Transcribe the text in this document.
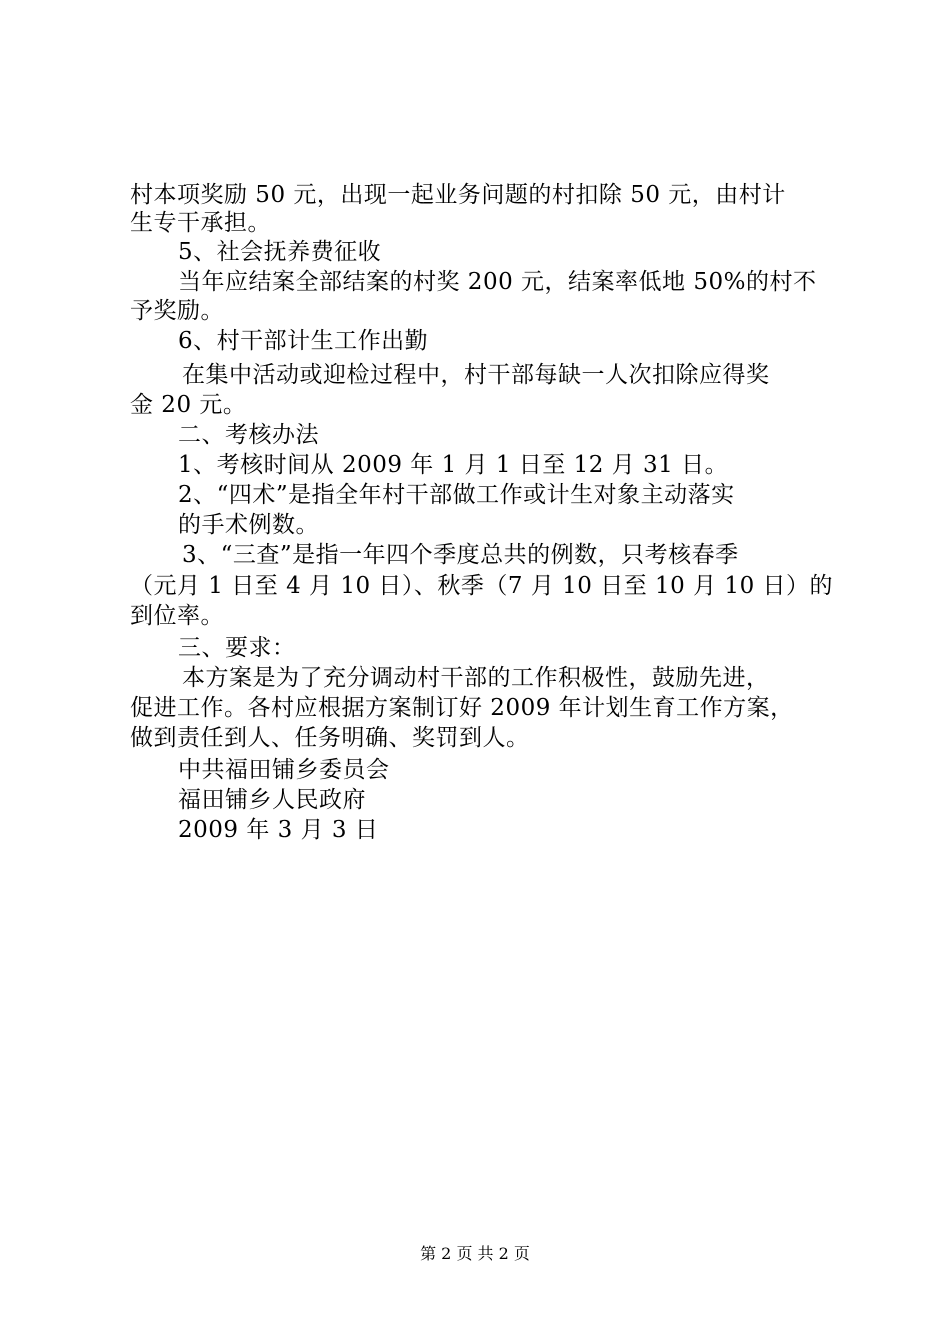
村本项奖励 50 元，出现一起业务问题的村扣除 50 元，由村计
生专干承担。
5、社会抚养费征收
当年应结案全部结案的村奖 200 元，结案率低地 50%的村不
予奖励。
6、村干部计生工作出勤
在集中活动或迎检过程中，村干部每缺一人次扣除应得奖
金 20 元。
二、考核办法
1、考核时间从 2009 年 1 月 1 日至 12 月 31 日。
2、“四术”是指全年村干部做工作或计生对象主动落实
的手术例数。
3、“三查”是指一年四个季度总共的例数，只考核春季
（元月 1 日至 4 月 10 日）、秋季（7 月 10 日至 10 月 10 日）的
到位率。
三、要求：
本方案是为了充分调动村干部的工作积极性，鼓励先进，
促进工作。各村应根据方案制订好 2009 年计划生育工作方案，
做到责任到人、任务明确、奖罚到人。
中共福田铺乡委员会
福田铺乡人民政府
2009 年 3 月 3 日
第 2 页 共 2 页
